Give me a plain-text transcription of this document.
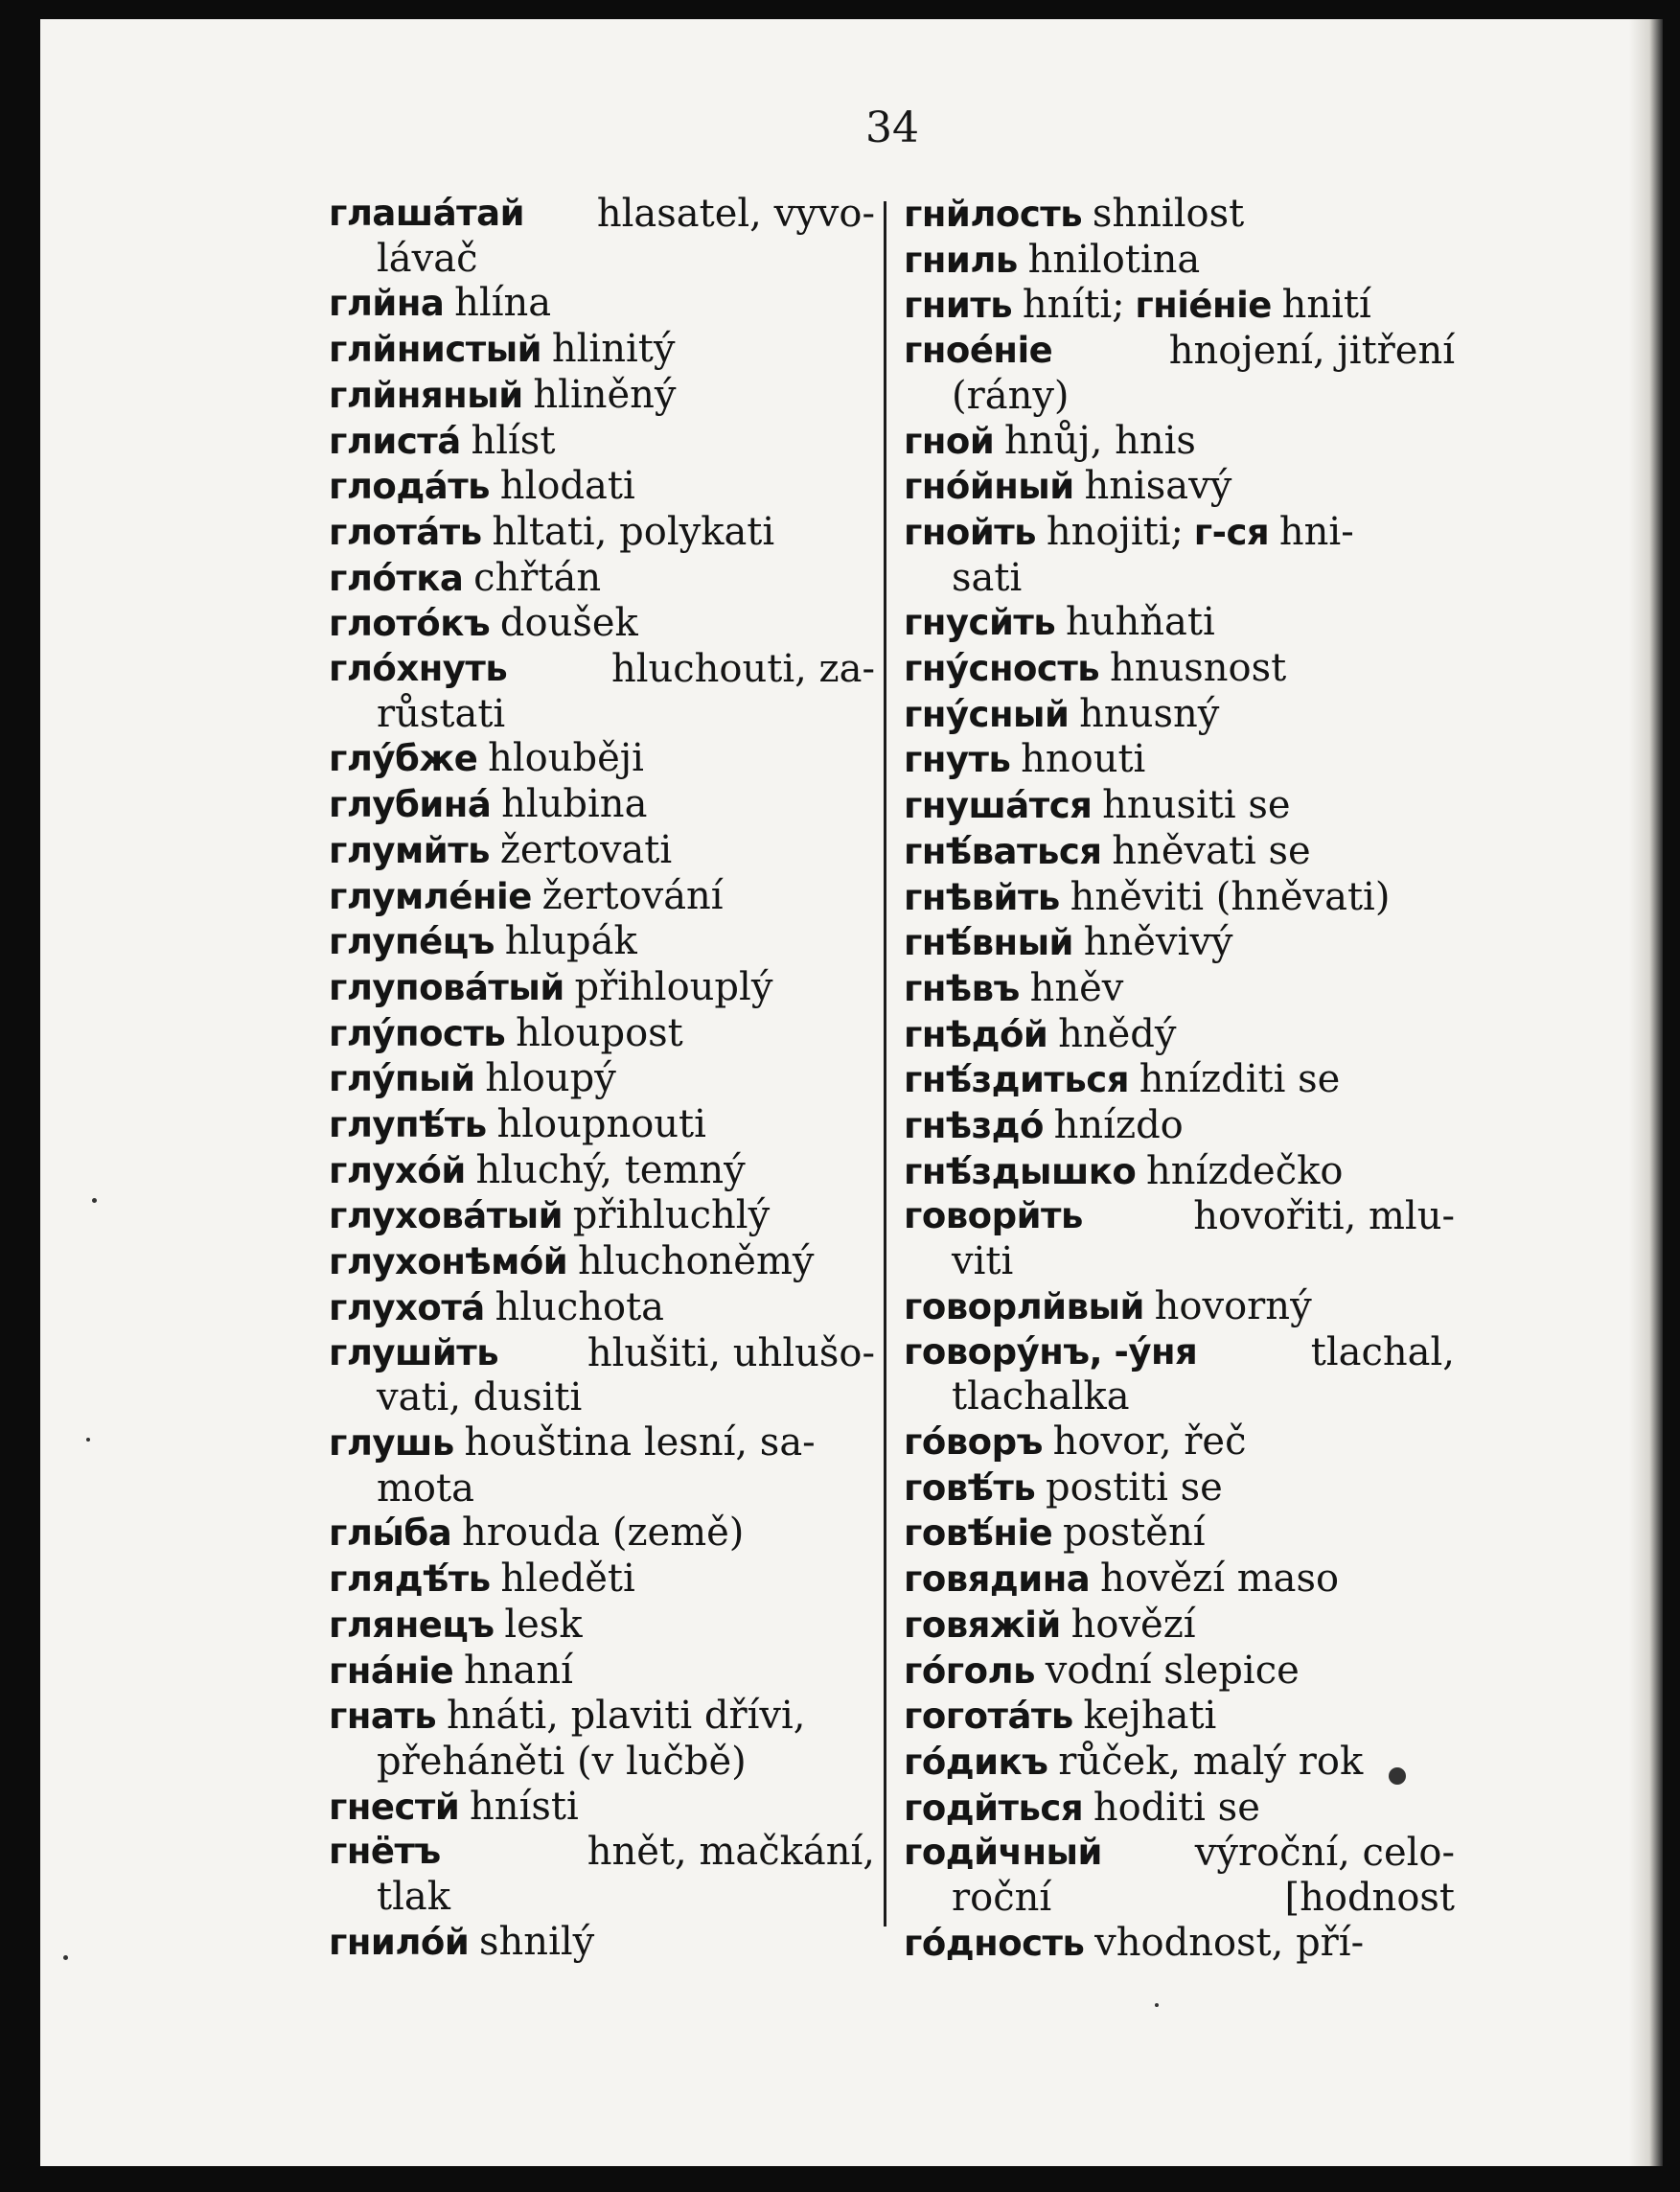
34
глашáтай hlasatel, vyvo-
lávač
глйна hlína
глйнистый hlinitý
глйняный hliněný
глистá hlíst
глодáть hlodati
глотáть hltati, polykati
глóтка chřtán
глотóкъ doušek
глóхнуть	hluchouti, za-
růstati
глýбже hlouběji
глубинá hlubina
глумйть žertovati
глумлéніе žertování
глупéцъ hlupák
глуповáтый přihlouplý
глýпость hloupost
глýпый hloupý
глупѣ́ть hloupnouti
глухóй hluchý, temný
глуховáтый přihluchlý
глухонѣмóй hluchoněmý
глухотá hluchota
глушйть hlušiti, uhlušo-
vati, dusiti
глушь houština lesní, sa-
mota
глы́ба hrouda (země)
глядѣ́ть hleděti
глянецъ lesk
гнáніе hnaní
гнать hnáti, plaviti dřívi,
přeháněti (v lučbě)
гнестй hnísti
гнётъ	hnět, mačkání,
tlak
гнилóй shnilý
гнйлость shnilost
гниль hnilotina
гнить hníti; гніéніе hnití
гноéніе	hnojení, jitření
(rány)
гной hnůj, hnis
гнóйный hnisavý
гнойть hnojiti; г-ся hni-
sati
гнусйть huhňati
гнýсность hnusnost
гнýсный hnusný
гнуть hnouti
гнушáтся hnusiti se
гнѣ́ваться hněvati se
гнѣвйть hněviti (hněvati)
гнѣ́вный hněvivý
гнѣвъ hněv
гнѣдóй hnědý
гнѣ́здиться hnízditi se
гнѣздó hnízdo
гнѣ́здышко hnízdečko
говорйть	hovořiti, mlu-
viti
говорлйвый hovorný
говорýнъ, -ýня	tlachal,
tlachalka
гóворъ hovor, řeč
говѣ́ть postiti se
говѣ́ніе postění
говядина hovězí maso
говяжій hovězí
гóголь vodní slepice
гоготáть kejhati
гóдикъ růček, malý rok
годйться hoditi se
годйчный výroční, celo-
roční	[hodnost
гóдность vhodnost, pří-
